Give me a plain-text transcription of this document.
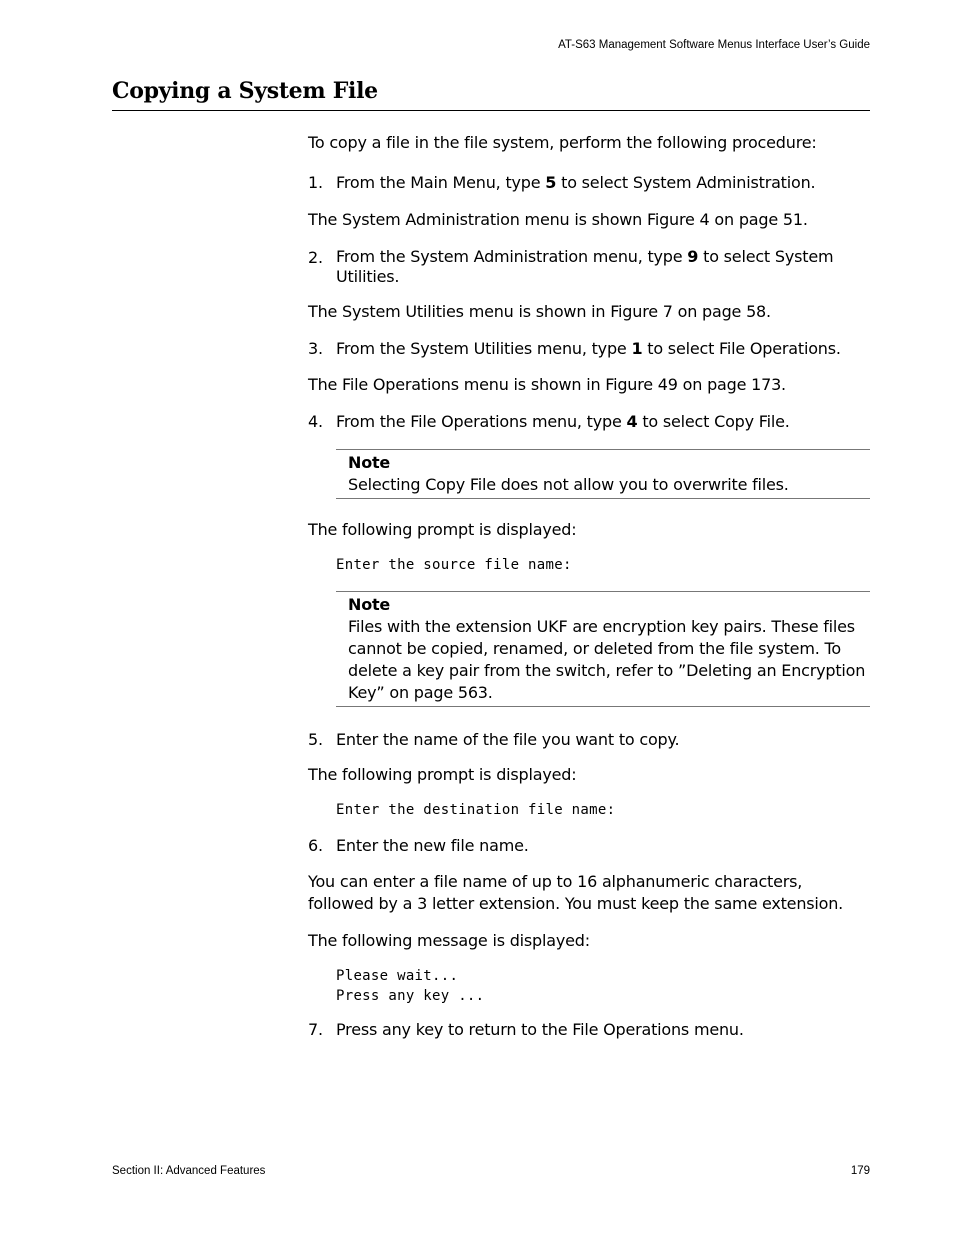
AT-S63 Management Software Menus Interface User’s Guide
Copying a System File

To copy a file in the file system, perform the following procedure:

1. From the Main Menu, type 5 to select System Administration.

The System Administration menu is shown Figure 4 on page 51.

2. From the System Administration menu, type 9 to select System Utilities.

The System Utilities menu is shown in Figure 7 on page 58.

3. From the System Utilities menu, type 1 to select File Operations.

The File Operations menu is shown in Figure 49 on page 173.

4. From the File Operations menu, type 4 to select Copy File.
Note
Selecting Copy File does not allow you to overwrite files.

The following prompt is displayed:

Enter the source file name:
Note
Files with the extension UKF are encryption key pairs. These files cannot be copied, renamed, or deleted from the file system. To delete a key pair from the switch, refer to ”Deleting an Encryption Key” on page 563.
5. Enter the name of the file you want to copy.

The following prompt is displayed:

Enter the destination file name:
6. Enter the new file name.

You can enter a file name of up to 16 alphanumeric characters, followed by a 3 letter extension. You must keep the same extension.

The following message is displayed:

Please wait...
Press any key ...
7. Press any key to return to the File Operations menu.
Section II: Advanced Features	179
